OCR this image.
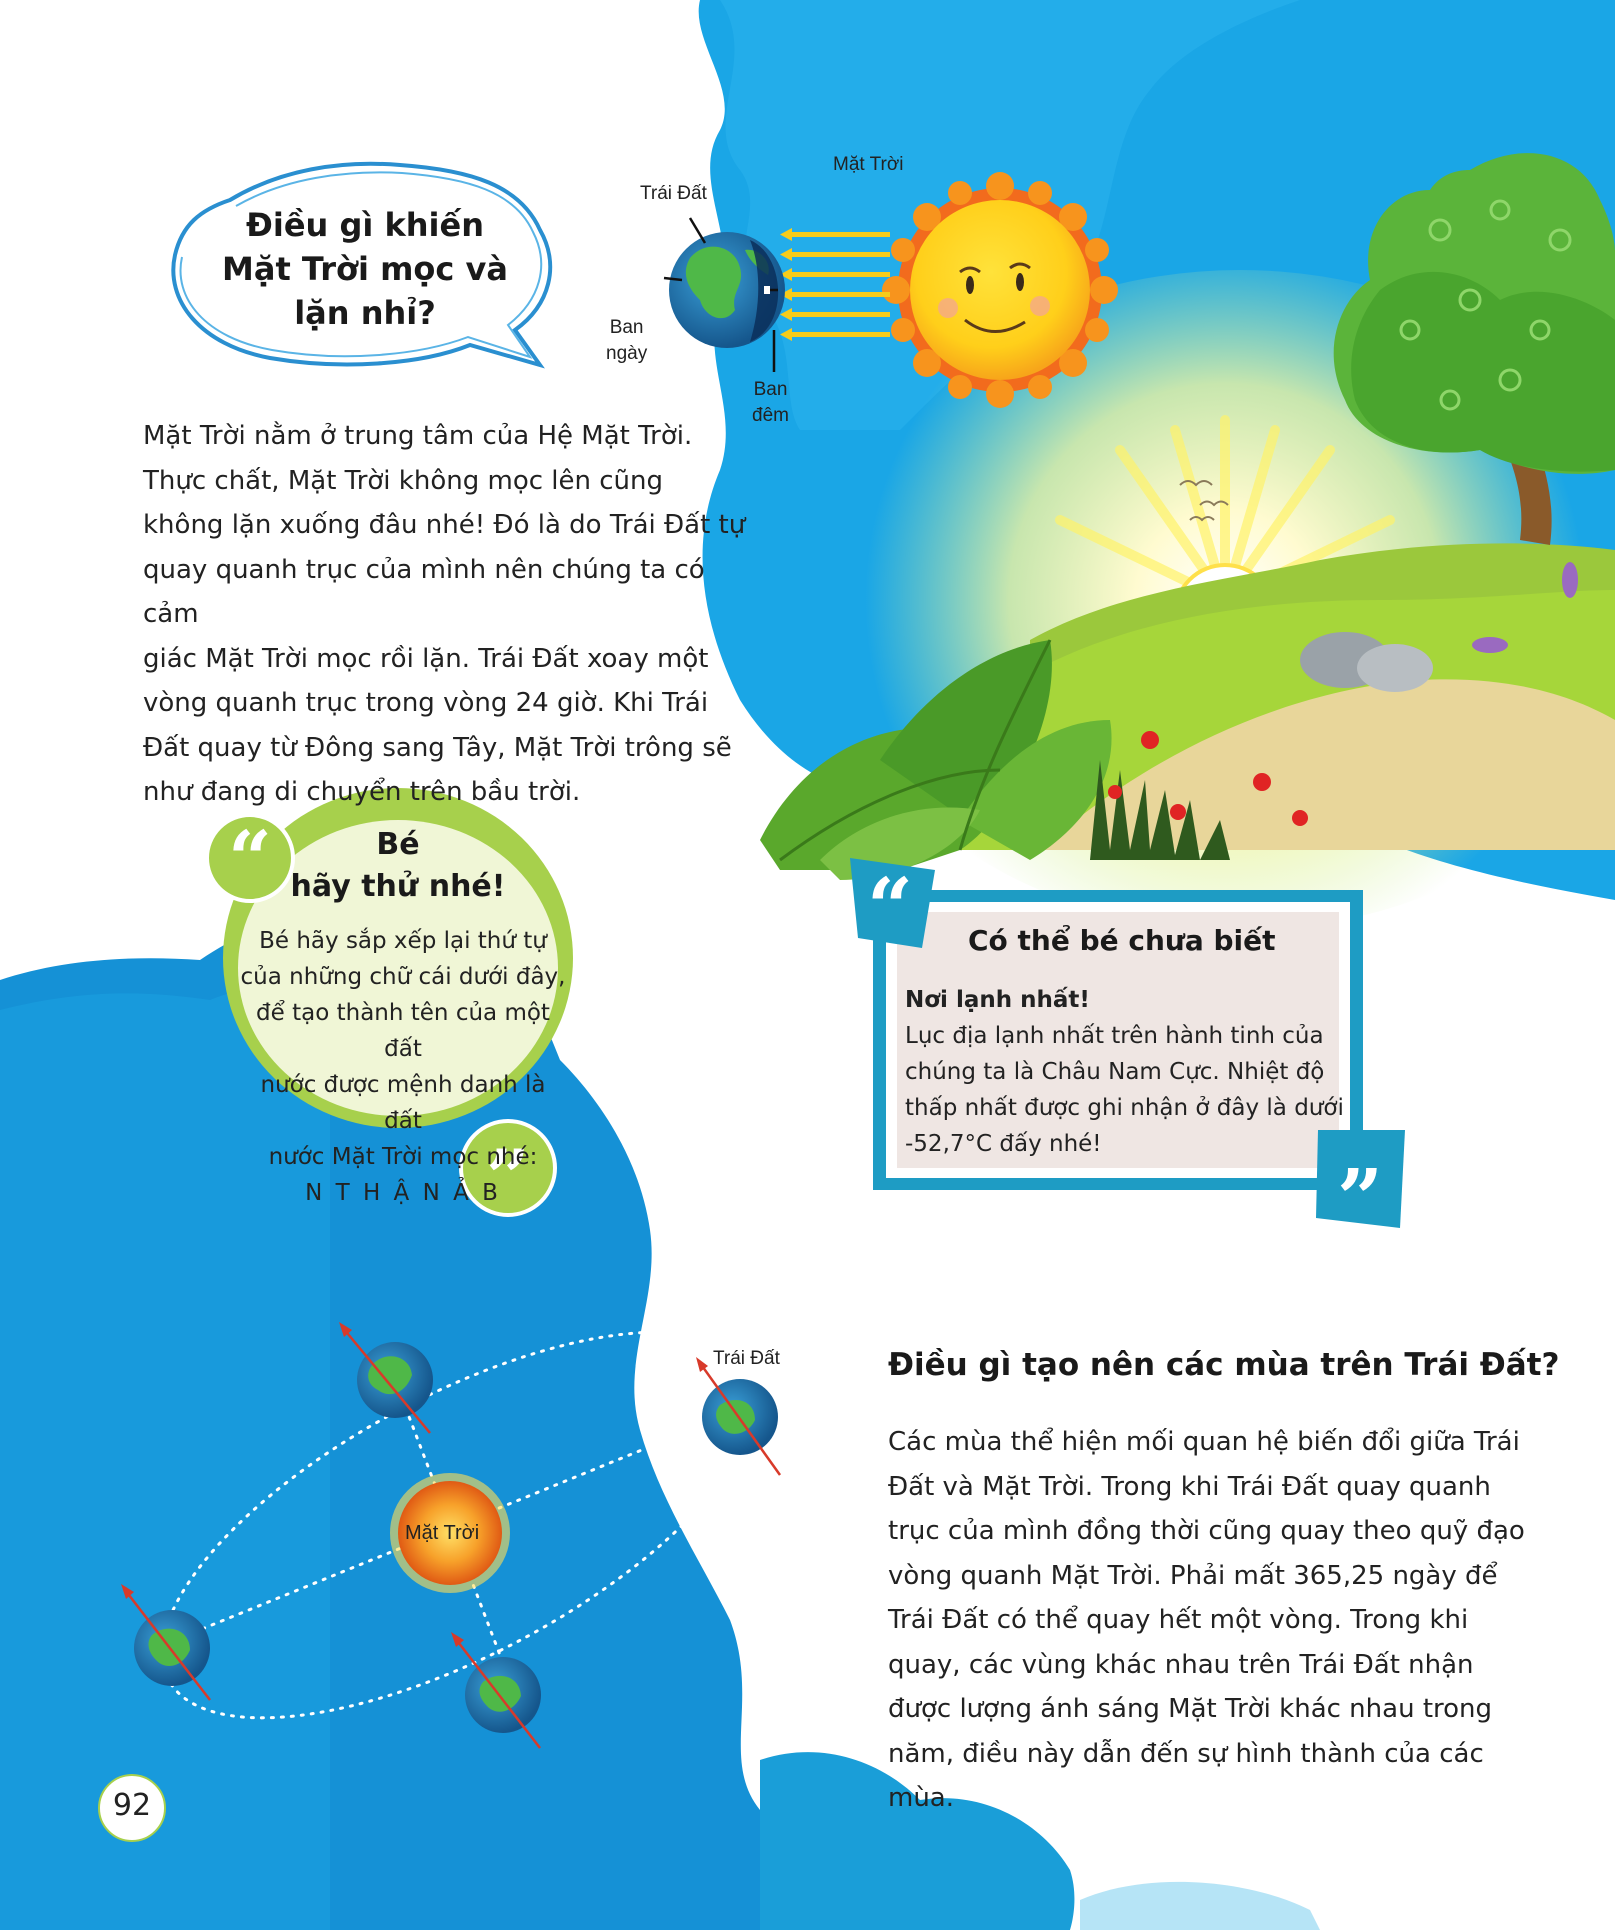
“
”
“
”
Mặt Trời
Trái Đất
Ban
ngày
Ban
đêm
Điều gì khiến
Mặt Trời mọc và
lặn nhỉ?
Mặt Trời nằm ở trung tâm của Hệ Mặt Trời.
Thực chất, Mặt Trời không mọc lên cũng
không lặn xuống đâu nhé! Đó là do Trái Đất tự
quay quanh trục của mình nên chúng ta có cảm
giác Mặt Trời mọc rồi lặn. Trái Đất xoay một
vòng quanh trục trong vòng 24 giờ. Khi Trái
Đất quay từ Đông sang Tây, Mặt Trời trông sẽ
như đang di chuyển trên bầu trời.
Bé
hãy thử nhé!
Bé hãy sắp xếp lại thứ tự
của những chữ cái dưới đây,
để tạo thành tên của một đất
nước được mệnh danh là đất
nước Mặt Trời mọc nhé:
N T H Ậ N Ả B
Có thể bé chưa biết
Nơi lạnh nhất!
Lục địa lạnh nhất trên hành tinh của
chúng ta là Châu Nam Cực. Nhiệt độ
thấp nhất được ghi nhận ở đây là dưới
-52,7°C đấy nhé!
Trái Đất
Mặt Trời
Điều gì tạo nên các mùa trên Trái Đất?
Các mùa thể hiện mối quan hệ biến đổi giữa Trái
Đất và Mặt Trời. Trong khi Trái Đất quay quanh
trục của mình đồng thời cũng quay theo quỹ đạo
vòng quanh Mặt Trời. Phải mất 365,25 ngày để
Trái Đất có thể quay hết một vòng. Trong khi
quay, các vùng khác nhau trên Trái Đất nhận
được lượng ánh sáng Mặt Trời khác nhau trong
năm, điều này dẫn đến sự hình thành của các mùa.
92
